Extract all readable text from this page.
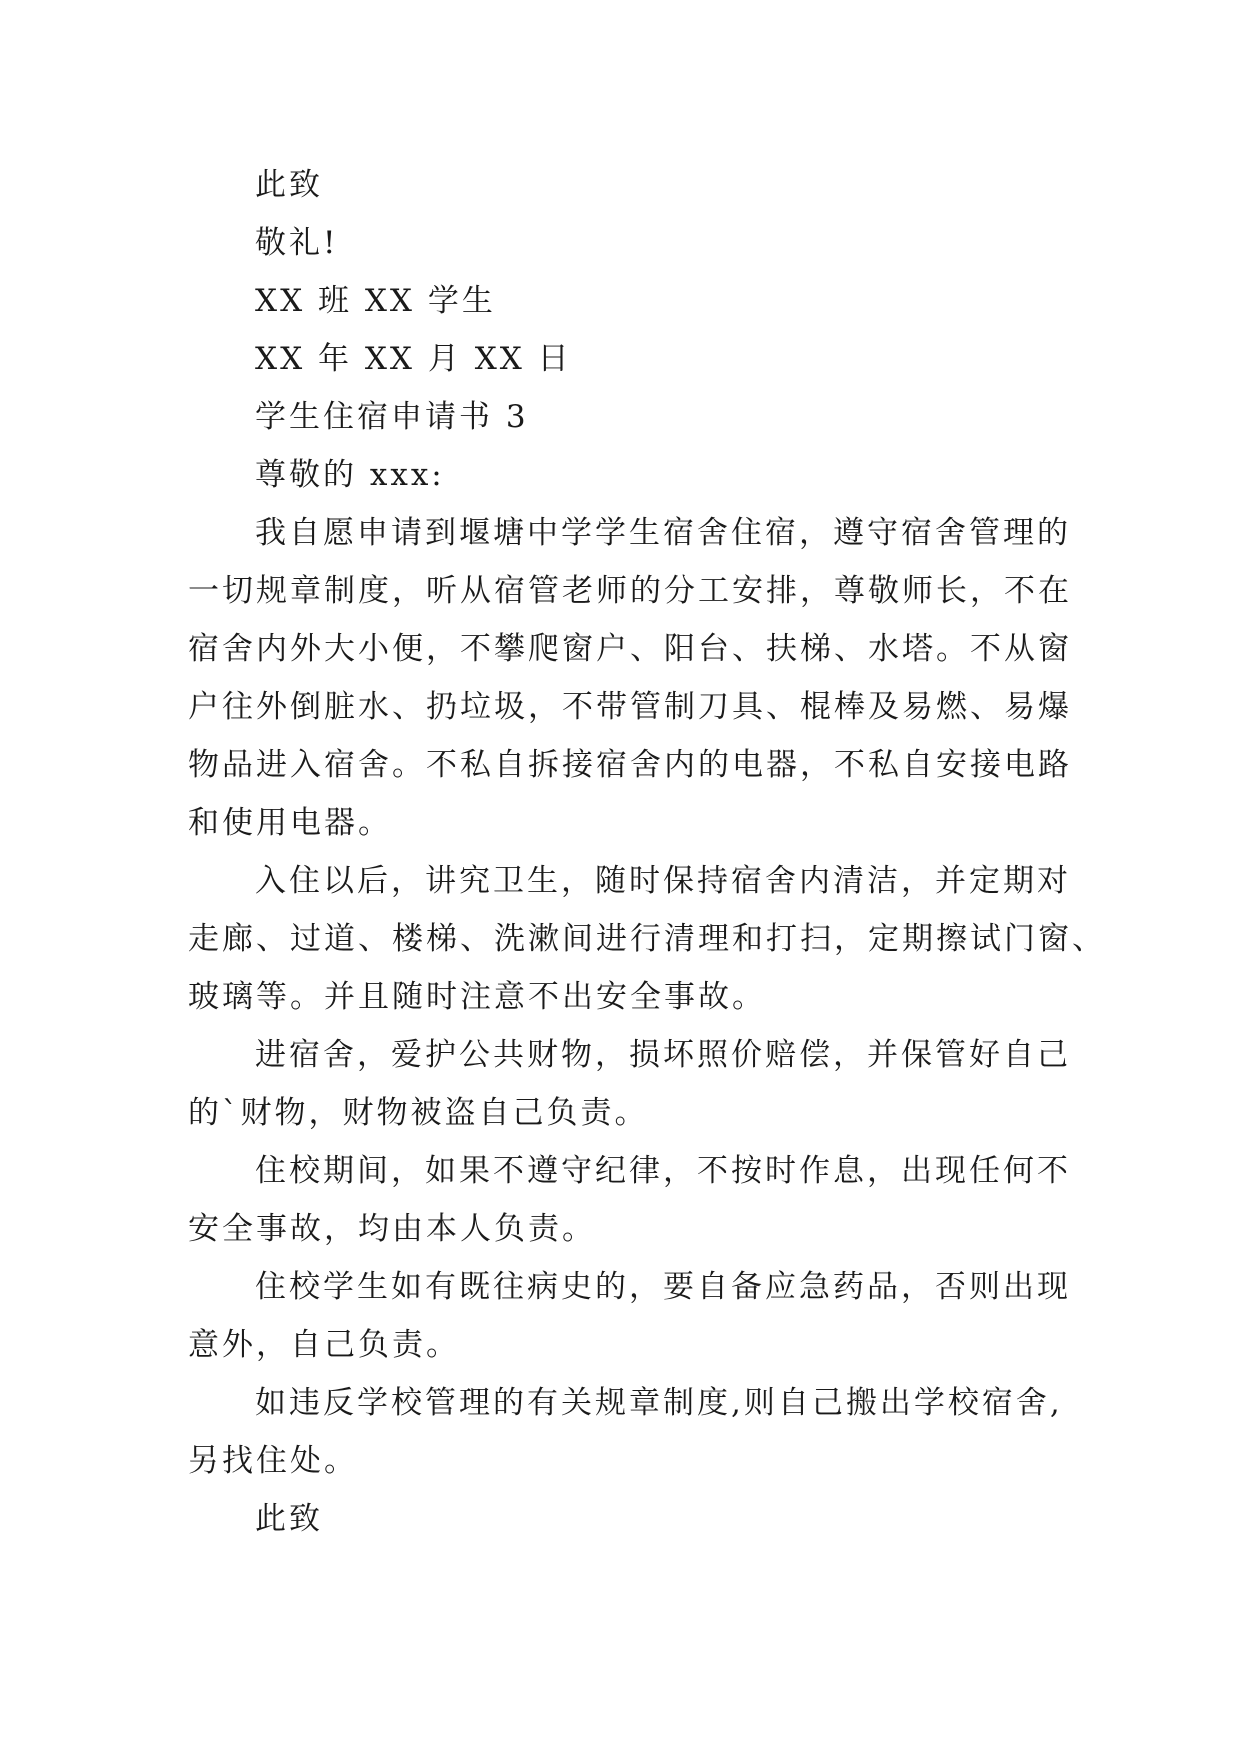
此致
敬礼!
XX 班 XX 学生
XX 年 XX 月 XX 日
学生住宿申请书 3
尊敬的 xxx:
我自愿申请到堰塘中学学生宿舍住宿，遵守宿舍管理的
一切规章制度，听从宿管老师的分工安排，尊敬师长，不在
宿舍内外大小便，不攀爬窗户、阳台、扶梯、水塔。不从窗
户往外倒脏水、扔垃圾，不带管制刀具、棍棒及易燃、易爆
物品进入宿舍。不私自拆接宿舍内的电器，不私自安接电路
和使用电器。
入住以后，讲究卫生，随时保持宿舍内清洁，并定期对
走廊、过道、楼梯、洗漱间进行清理和打扫，定期擦试门窗、
玻璃等。并且随时注意不出安全事故。
进宿舍，爱护公共财物，损坏照价赔偿，并保管好自己
的`财物，财物被盗自己负责。
住校期间，如果不遵守纪律，不按时作息，出现任何不
安全事故，均由本人负责。
住校学生如有既往病史的，要自备应急药品，否则出现
意外，自己负责。
如违反学校管理的有关规章制度,则自己搬出学校宿舍,
另找住处。
此致
